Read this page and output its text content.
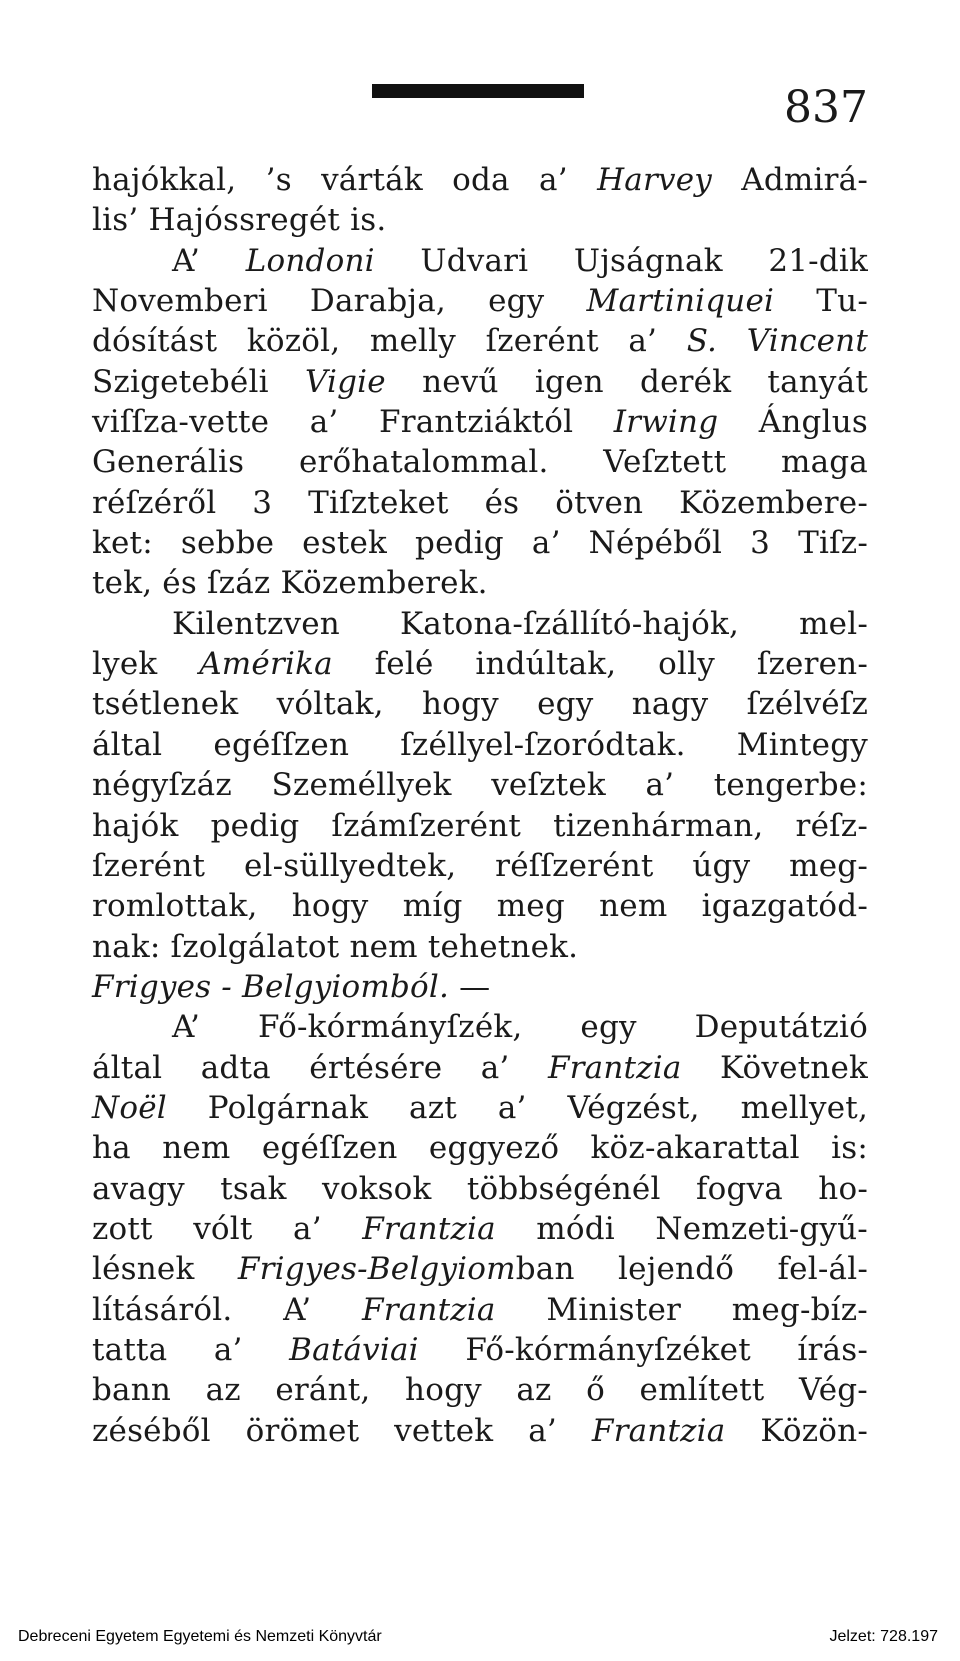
837
hajókkal, ’s várták oda a’ Harvey Admirá-
lis’ Hajóssregét is.
A’ Londoni Udvari Ujságnak 21-dik
Novemberi Darabja, egy Martiniquei Tu-
dósítást közöl, melly ſzerént a’ S. Vincent
Szigetebéli Vigie nevű igen derék tanyát
viſſza-vette a’ Frantziáktól Irwing Ánglus
Generális erőhatalommal. Veſztett maga
réſzéről 3 Tiſzteket és ötven Közembere-
ket: sebbe estek pedig a’ Népéből 3 Tiſz-
tek, és ſzáz Közemberek.
Kilentzven Katona-ſzállító-hajók, mel-
lyek Amérika felé indúltak, olly ſzeren-
tsétlenek vóltak, hogy egy nagy ſzélvéſz
által egéſſzen ſzéllyel-ſzoródtak. Mintegy
négyſzáz Személlyek veſztek a’ tengerbe:
hajók pedig ſzámſzerént tizenhárman, réſz-
ſzerént el-süllyedtek, réſſzerént úgy meg-
romlottak, hogy míg meg nem igazgatód-
nak: ſzolgálatot nem tehetnek.
Frigyes - Belgyiomból. —
A’ Fő-kórmányſzék, egy Deputátzió
által adta értésére a’ Frantzia Követnek
Noël Polgárnak azt a’ Végzést, mellyet,
ha nem egéſſzen eggyező köz-akarattal is:
avagy tsak voksok többségénél fogva ho-
zott vólt a’ Frantzia módi Nemzeti-gyű-
lésnek Frigyes-Belgyiomban lejendő fel-ál-
lításáról. A’ Frantzia Minister meg-bíz-
tatta a’ Batáviai Fő-kórmányſzéket írás-
bann az eránt, hogy az ő említett Vég-
zéséből örömet vettek a’ Frantzia Közön-
Debreceni Egyetem Egyetemi és Nemzeti Könyvtár	Jelzet: 728.197
